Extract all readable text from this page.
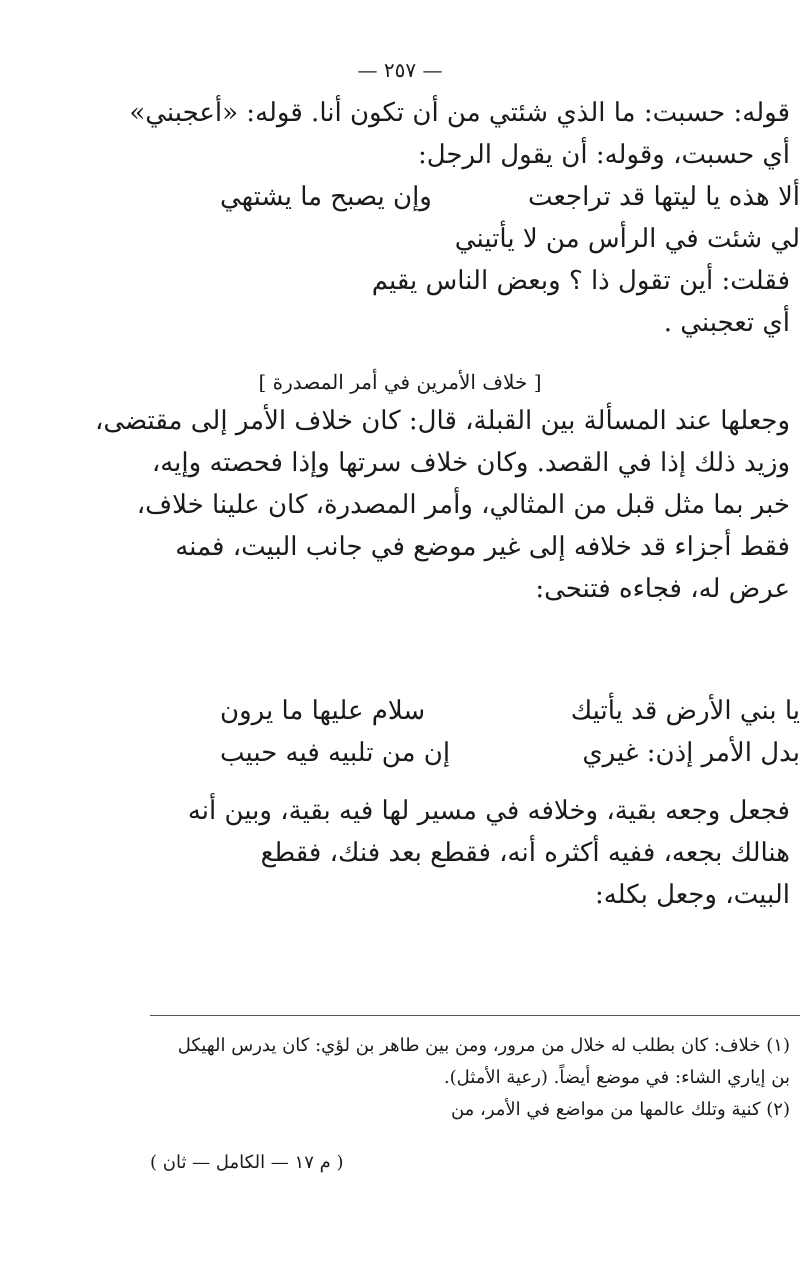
— ٢٥٧ —
قوله: حسبت: ما الذي شئتي من أن تكون أنا. قوله: «أعجبني»
أي حسبت، وقوله: أن يقول الرجل:
ألا هذه يا ليتها قد تراجعت
وإن يصبح ما يشتهي
لي شئت في الرأس من لا يأتيني
فقلت: أين تقول ذا ؟ وبعض الناس يقيم
أي تعجبني .
[ خلاف الأمرين في أمر المصدرة ]
وجعلها عند المسألة بين القبلة، قال: كان خلاف الأمر إلى مقتضى،
وزيد ذلك إذا في القصد. وكان خلاف سرتها وإذا فحصته وإيه،
خبر بما مثل قبل من المثالي، وأمر المصدرة، كان علينا خلاف،
فقط أجزاء قد خلافه إلى غير موضع في جانب البيت، فمنه
عرض له، فجاءه فتنحى:
يا بني الأرض قد يأتيك
سلام عليها ما يرون
بدل الأمر إذن: غيري
إن من تلبيه فيه حبيب
فجعل وجعه بقية، وخلافه في مسير لها فيه بقية، وبين أنه
هنالك بجعه، ففيه أكثره أنه، فقطع بعد فنك، فقطع
البيت، وجعل بكله:
(١) خلاف: كان بطلب له خلال من مرور، ومن بين طاهر بن لؤي: كان يدرس الهيكل
بن إياري الشاء: في موضع أيضاً. (رعية الأمثل).
(٢) كنية وتلك عالمها من مواضع في الأمر، من
( م ١٧ — الكامل — ثان )
